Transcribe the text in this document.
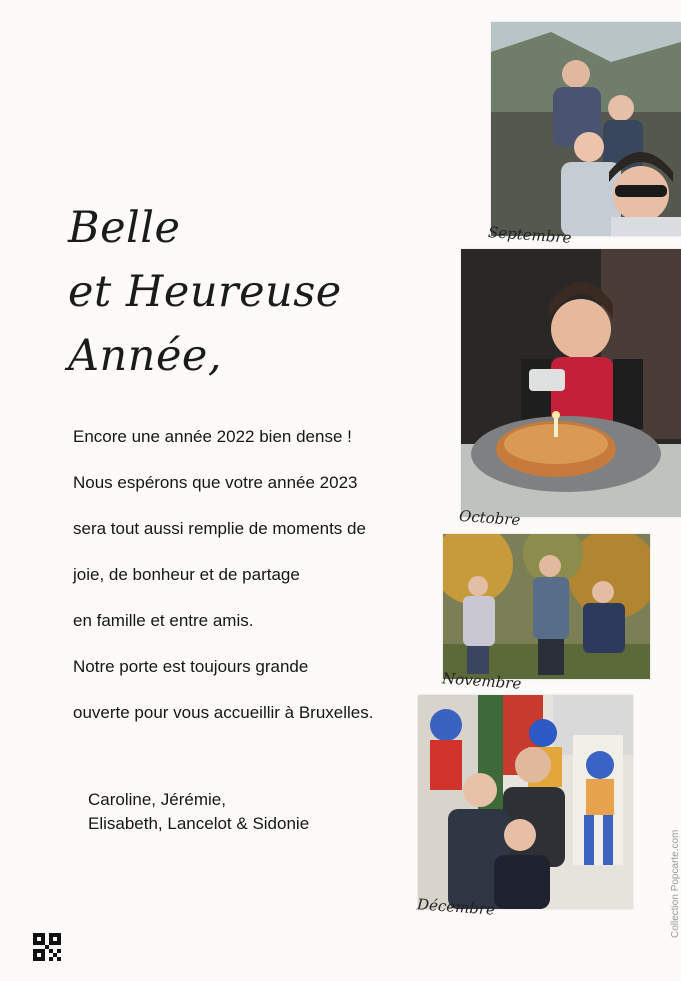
Belle
et Heureuse
Année,
Encore une année 2022 bien dense !
Nous espérons que votre année 2023
sera tout aussi remplie de moments de
joie, de bonheur et de partage
en famille et entre amis.
Notre porte est toujours grande
ouverte pour vous accueillir à Bruxelles.
Caroline, Jérémie,
Elisabeth, Lancelot & Sidonie
Septembre
Octobre
Novembre
Décembre	Collection Popcarte.com
